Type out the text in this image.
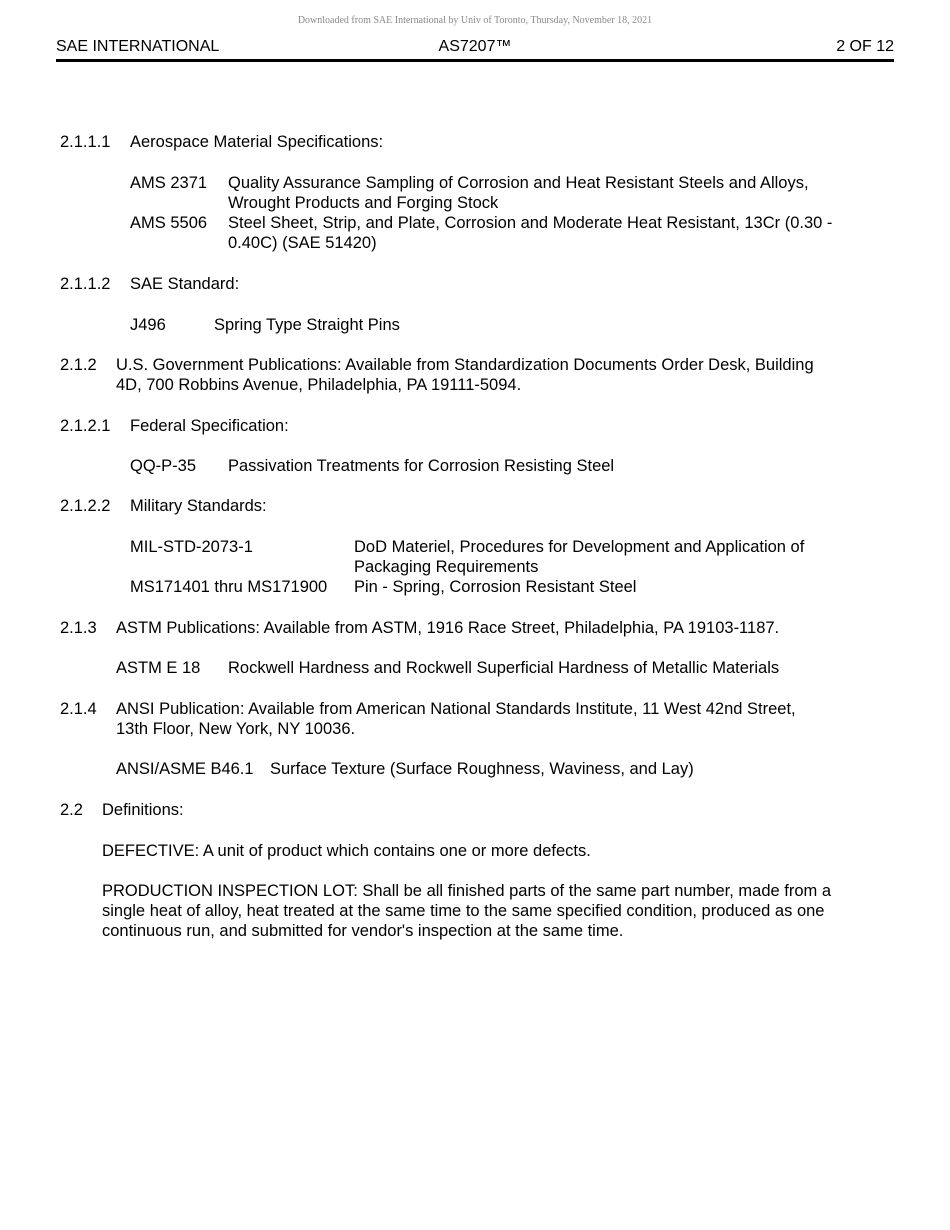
Downloaded from SAE International by Univ of Toronto, Thursday, November 18, 2021
SAE INTERNATIONAL	AS7207™	2 OF 12
2.1.1.1 Aerospace Material Specifications:
AMS 2371 Quality Assurance Sampling of Corrosion and Heat Resistant Steels and Alloys,
Wrought Products and Forging Stock
AMS 5506 Steel Sheet, Strip, and Plate, Corrosion and Moderate Heat Resistant, 13Cr (0.30 -
0.40C) (SAE 51420)
2.1.1.2 SAE Standard:
J496	Spring Type Straight Pins
2.1.2 U.S. Government Publications: Available from Standardization Documents Order Desk, Building
4D, 700 Robbins Avenue, Philadelphia, PA 19111-5094.
2.1.2.1 Federal Specification:
QQ-P-35 Passivation Treatments for Corrosion Resisting Steel
2.1.2.2 Military Standards:
MIL-STD-2073-1	DoD Materiel, Procedures for Development and Application of
Packaging Requirements
MS171401 thru MS171900 Pin - Spring, Corrosion Resistant Steel
2.1.3 ASTM Publications: Available from ASTM, 1916 Race Street, Philadelphia, PA 19103-1187.
ASTM E 18 Rockwell Hardness and Rockwell Superficial Hardness of Metallic Materials
2.1.4 ANSI Publication: Available from American National Standards Institute, 11 West 42nd Street,
13th Floor, New York, NY 10036.
ANSI/ASME B46.1 Surface Texture (Surface Roughness, Waviness, and Lay)
2.2 Definitions:
DEFECTIVE: A unit of product which contains one or more defects.
PRODUCTION INSPECTION LOT: Shall be all finished parts of the same part number, made from a
single heat of alloy, heat treated at the same time to the same specified condition, produced as one
continuous run, and submitted for vendor's inspection at the same time.
